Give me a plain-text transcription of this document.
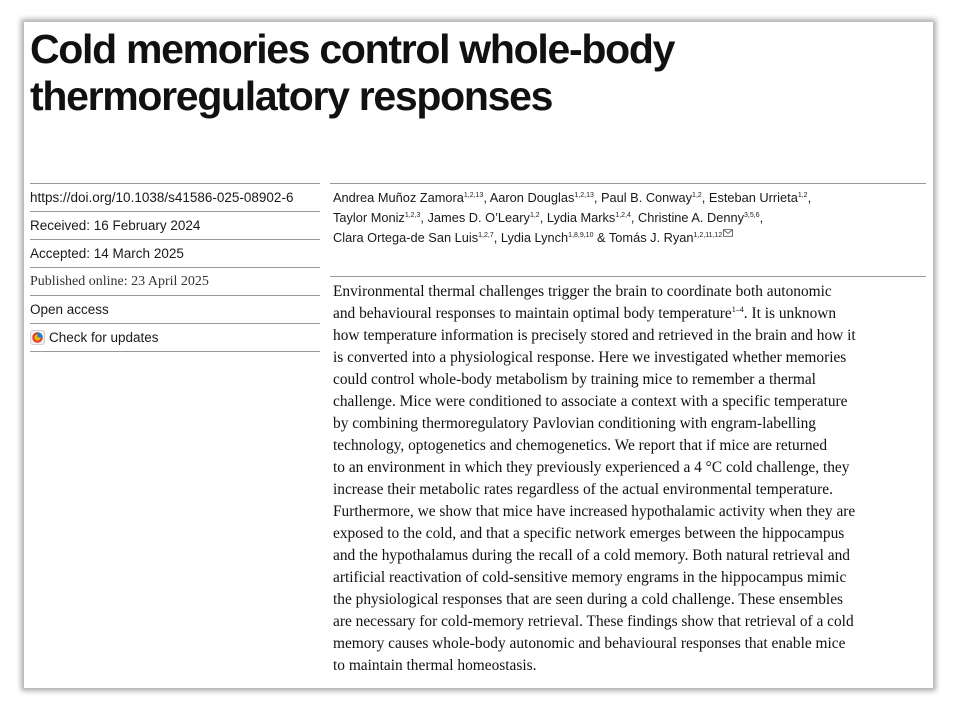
Cold memories control whole-body
thermoregulatory responses
https://doi.org/10.1038/s41586-025-08902-6
Received: 16 February 2024
Accepted: 14 March 2025
Published online: 23 April 2025
Open access
Check for updates
Andrea Muñoz Zamora$^{1,2,13}$, Aaron Douglas$^{1,2,13}$, Paul B. Conway$^{1,2}$, Esteban Urrieta$^{1,2}$,
Taylor Moniz$^{1,2,3}$, James D. O’Leary$^{1,2}$, Lydia Marks$^{1,2,4}$, Christine A. Denny$^{3,5,6}$,
Clara Ortega-de San Luis$^{1,2,7}$, Lydia Lynch$^{1,8,9,10}$ & Tomás J. Ryan$^{1,2,11,12}$

Environmental thermal challenges trigger the brain to coordinate both autonomic
and behavioural responses to maintain optimal body temperature$^{1-4}$. It is unknown
how temperature information is precisely stored and retrieved in the brain and how it
is converted into a physiological response. Here we investigated whether memories
could control whole-body metabolism by training mice to remember a thermal
challenge. Mice were conditioned to associate a context with a specific temperature
by combining thermoregulatory Pavlovian conditioning with engram-labelling
technology, optogenetics and chemogenetics. We report that if mice are returned
to an environment in which they previously experienced a 4 °C cold challenge, they
increase their metabolic rates regardless of the actual environmental temperature.
Furthermore, we show that mice have increased hypothalamic activity when they are
exposed to the cold, and that a specific network emerges between the hippocampus
and the hypothalamus during the recall of a cold memory. Both natural retrieval and
artificial reactivation of cold-sensitive memory engrams in the hippocampus mimic
the physiological responses that are seen during a cold challenge. These ensembles
are necessary for cold-memory retrieval. These findings show that retrieval of a cold
memory causes whole-body autonomic and behavioural responses that enable mice
to maintain thermal homeostasis.
